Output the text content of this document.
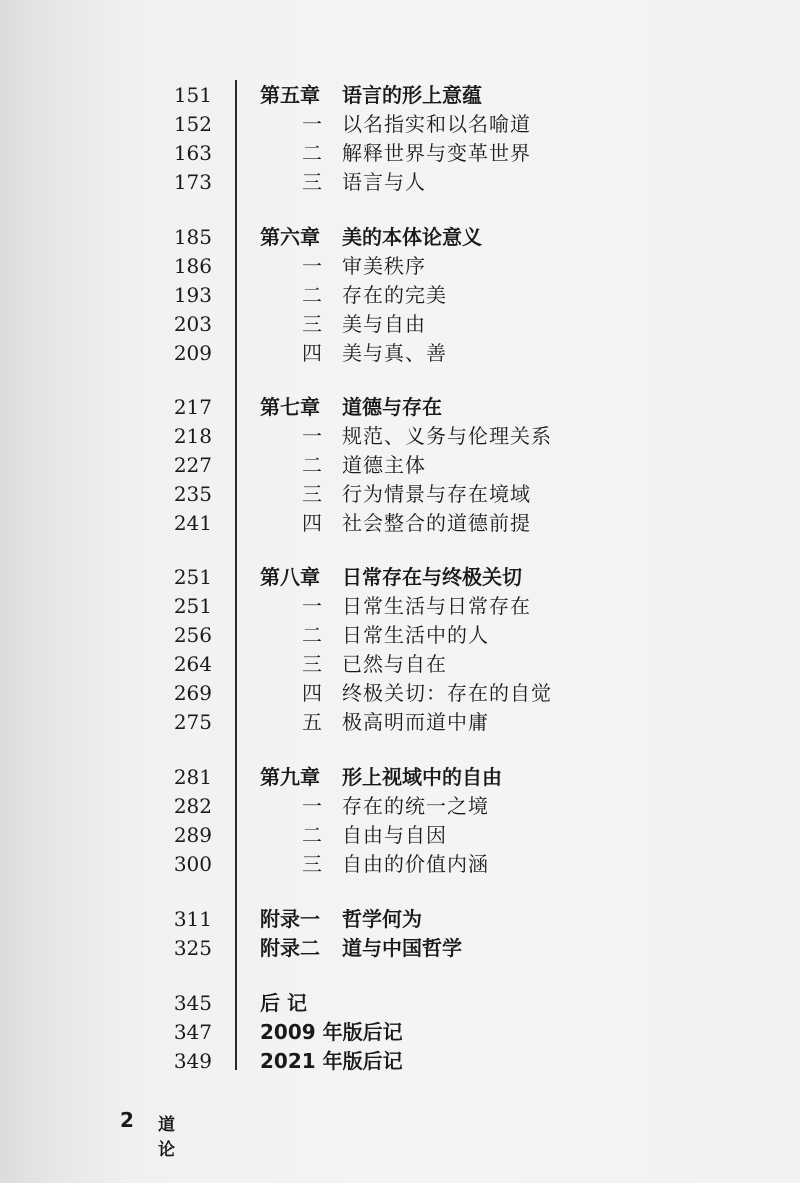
151 第五章 语言的形上意蕴
152	一 以名指实和以名喻道
163	二 解释世界与变革世界
173	三 语言与人
185 第六章 美的本体论意义
186	一 审美秩序
193	二 存在的完美
203	三 美与自由
209	四 美与真、善
217 第七章 道德与存在
218	一 规范、义务与伦理关系
227	二 道德主体
235	三 行为情景与存在境域
241	四 社会整合的道德前提
251 第八章 日常存在与终极关切
251	一 日常生活与日常存在
256	二 日常生活中的人
264	三 已然与自在
269	四 终极关切：存在的自觉
275	五 极高明而道中庸
281 第九章 形上视域中的自由
282	一 存在的统一之境
289	二 自由与自因
300	三 自由的价值内涵
311 附录一 哲学何为
325 附录二 道与中国哲学
345 后 记
347 2009 年版后记
349 2021 年版后记
2 道论
